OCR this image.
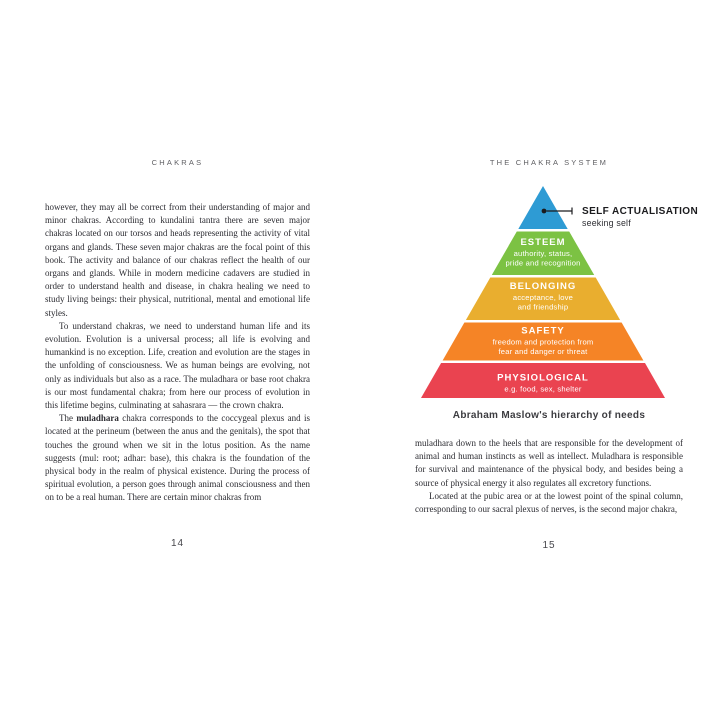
CHAKRAS

however, they may all be correct from their understanding of major and minor chakras. According to kundalini tantra there are seven major chakras located on our torsos and heads representing the activity of vital organs and glands. These seven major chakras are the focal point of this book. The activity and balance of our chakras reflect the health of our organs and glands. While in modern medicine cadavers are studied in order to understand health and disease, in chakra healing we need to study living beings: their physical, nutritional, mental and emotional life styles.

To understand chakras, we need to understand human life and its evolution. Evolution is a universal process; all life is evolving and humankind is no exception. Life, creation and evolution are the stages in the unfolding of consciousness. We as human beings are evolving, not only as individuals but also as a race. The muladhara or base root chakra is our most fundamental chakra; from here our process of evolution in this lifetime begins, culminating at sahasrara — the crown chakra.

The muladhara chakra corresponds to the coccygeal plexus and is located at the perineum (between the anus and the genitals), the spot that touches the ground when we sit in the lotus position. As the name suggests (mul: root; adhar: base), this chakra is the foundation of the physical body in the realm of physical existence. During the process of spiritual evolution, a person goes through animal consciousness and then on to be a real human. There are certain minor chakras from

14
THE CHAKRA SYSTEM
SELF ACTUALISATION
seeking self
ESTEEM
authority, status,
pride and recognition
BELONGING
acceptance, love
and friendship
SAFETY
freedom and protection from
fear and danger or threat
PHYSIOLOGICAL
e.g. food, sex, shelter
Abraham Maslow's hierarchy of needs

muladhara down to the heels that are responsible for the development of animal and human instincts as well as intellect. Muladhara is responsible for survival and maintenance of the physical body, and besides being a source of physical energy it also regulates all excretory functions.

Located at the pubic area or at the lowest point of the spinal column, corresponding to our sacral plexus of nerves, is the second major chakra,

15
